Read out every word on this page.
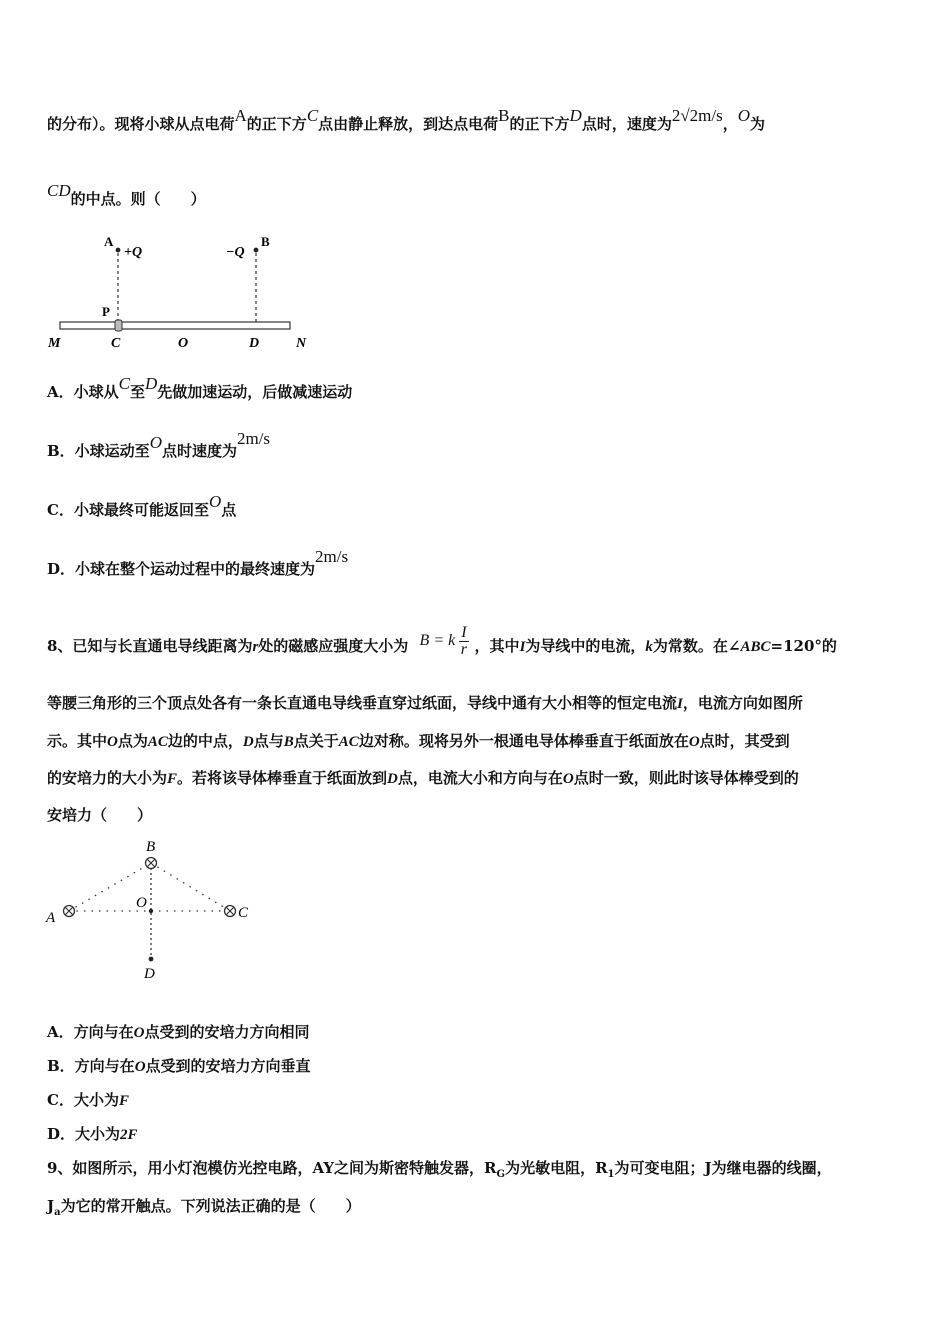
的分布）。现将小球从点电荷A的正下方C点由静止释放，到达点电荷B的正下方D点时，速度为2√2m/s，O为
CD的中点。则（　　）
A
+Q	−Q
B
P
M	C	O	D	N
A．小球从C至D先做加速运动，后做减速运动
B．小球运动至O点时速度为2m/s
C．小球最终可能返回至O点
D．小球在整个运动过程中的最终速度为2m/s
8、已知与长直通电导线距离为r处的磁感应强度大小为 B = k $\frac{I}{r}$ ，其中I为导线中的电流，k为常数。在∠ABC=120°的
等腰三角形的三个顶点处各有一条长直通电导线垂直穿过纸面，导线中通有大小相等的恒定电流I，电流方向如图所
示。其中O点为AC边的中点，D点与B点关于AC边对称。现将另外一根通电导体棒垂直于纸面放在O点时，其受到
的安培力的大小为F。若将该导体棒垂直于纸面放到D点，电流大小和方向与在O点时一致，则此时该导体棒受到的
安培力（　　）
B
A	C
O
D
A．方向与在O点受到的安培力方向相同
B．方向与在O点受到的安培力方向垂直
C．大小为F
D．大小为2F
9、如图所示，用小灯泡模仿光控电路，AY之间为斯密特触发器，$R_G$为光敏电阻，$R_1$为可变电阻；J为继电器的线圈，
$J_a$为它的常开触点。下列说法正确的是（　　）
